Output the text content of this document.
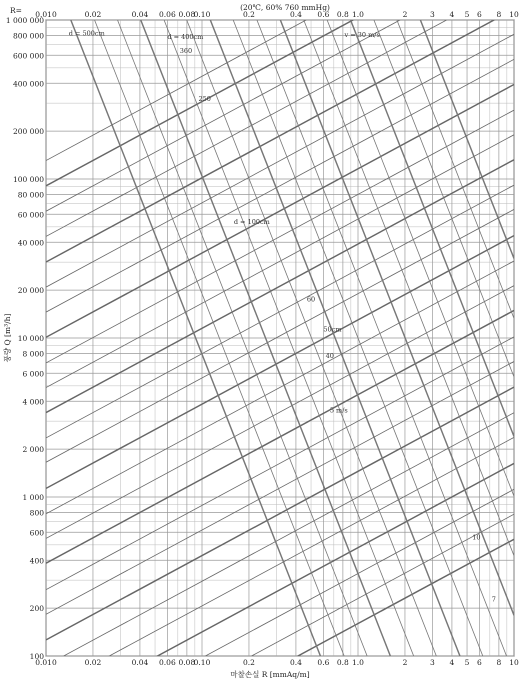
(20℃, 60% 760 mmHg)
R=
마찰손실 R [mmAq/m]
풍량 Q [m³/h]
0.010
0.010
0.02
0.02
0.04
0.04
0.06
0.06
0.08
0.08
0.10
0.10
0.2
0.2
0.4
0.4
0.6
0.6
0.8
0.8
1.0
1.0
2
2
3
3
4
4
5
5
6
6
8
8
10
10
1 000 000
800 000
600 000
400 000
200 000
100 000
80 000
60 000
40 000
20 000
10 000
8 000
6 000
4 000
2 000
1 000
800
600
400
200
100
d = 500cm	d = 400cm
d = 100cm
50cm
v = 30 m/s
5 m/s
360
250
60
40
10
7
